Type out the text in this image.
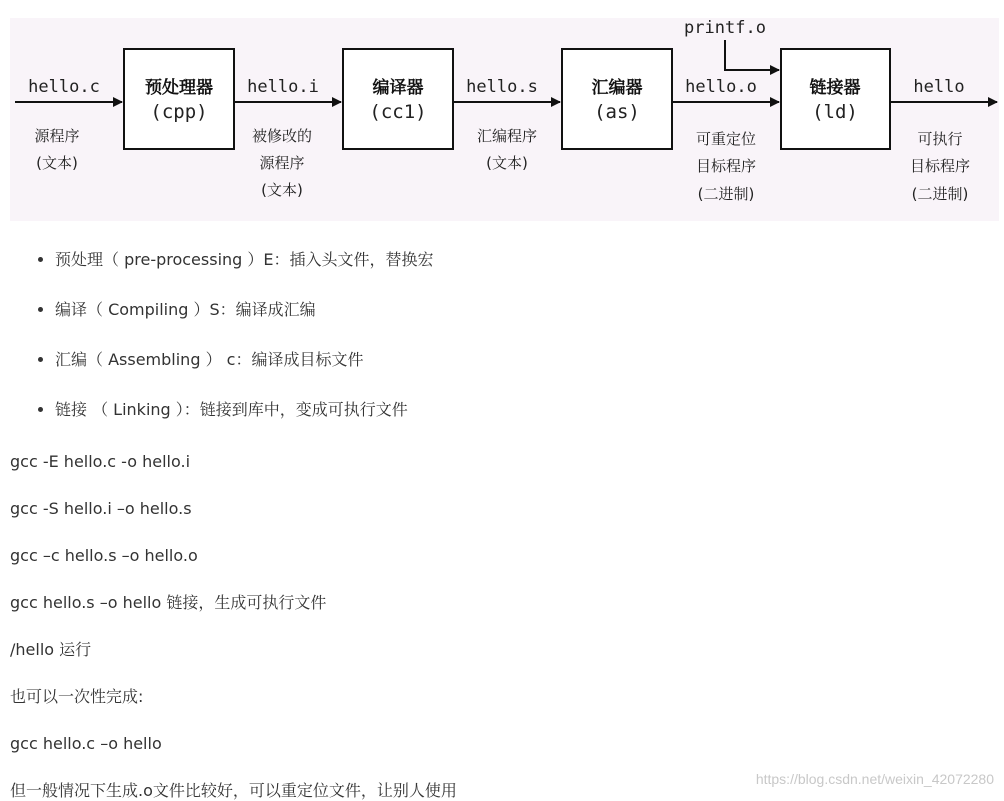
预处理器
(cpp)
编译器
(cc1)
汇编器
(as)
链接器
(ld)
hello.c	hello.i	hello.s	hello.o	hello
printf.o
源程序
(文本)
被修改的
源程序
(文本)
汇编程序
(文本)
可重定位
目标程序
(二进制)
可执行
目标程序
(二进制)
• 预处理（ pre-processing ）E：插入头文件，替换宏
• 编译（ Compiling ）S：编译成汇编
• 汇编（ Assembling ） c：编译成目标文件
• 链接 （ Linking ）：链接到库中，变成可执行文件

gcc -E hello.c -o hello.i

gcc -S hello.i –o hello.s

gcc –c hello.s –o hello.o

gcc hello.s –o hello 链接，生成可执行文件

/hello 运行

也可以一次性完成:

gcc hello.c –o hello

但一般情况下生成.o文件比较好，可以重定位文件，让别人使用

https://blog.csdn.net/weixin_42072280
